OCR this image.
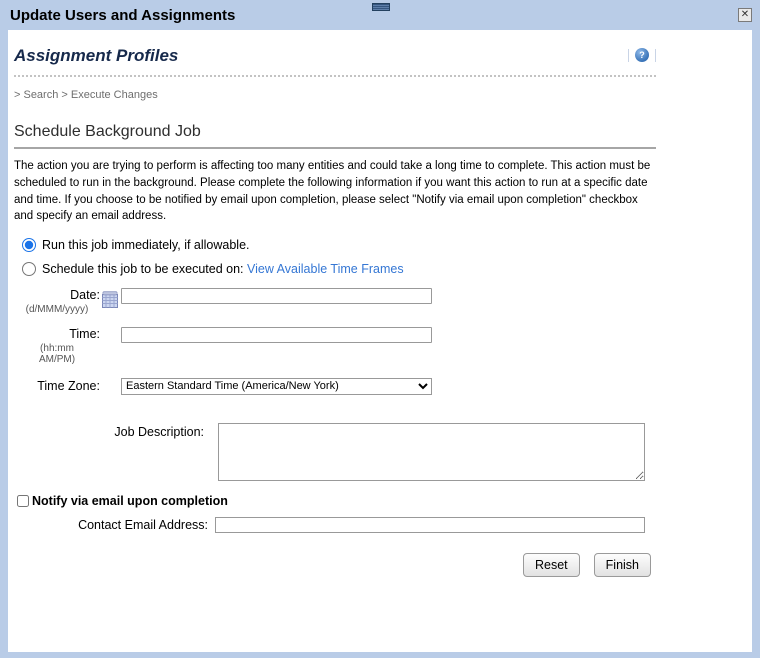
Update Users and Assignments	✕
Assignment Profiles	?
> Search > Execute Changes
Schedule Background Job

The action you are trying to perform is affecting too many entities and could take a long time to complete. This action must be scheduled to run in the background. Please complete the following information if you want this action to run at a specific date and time. If you choose to be notified by email upon completion, please select "Notify via email upon completion" checkbox and specify an email address.

Run this job immediately, if allowable.
Schedule this job to be executed on:
View Available Time Frames
Date:
(d/MMM/yyyy)
Time:
(hh:mm
AM/PM)
Time Zone:
Eastern Standard Time (America/New York)
Job Description:
Notify via email upon completion
Contact Email Address:
Reset	Finish
